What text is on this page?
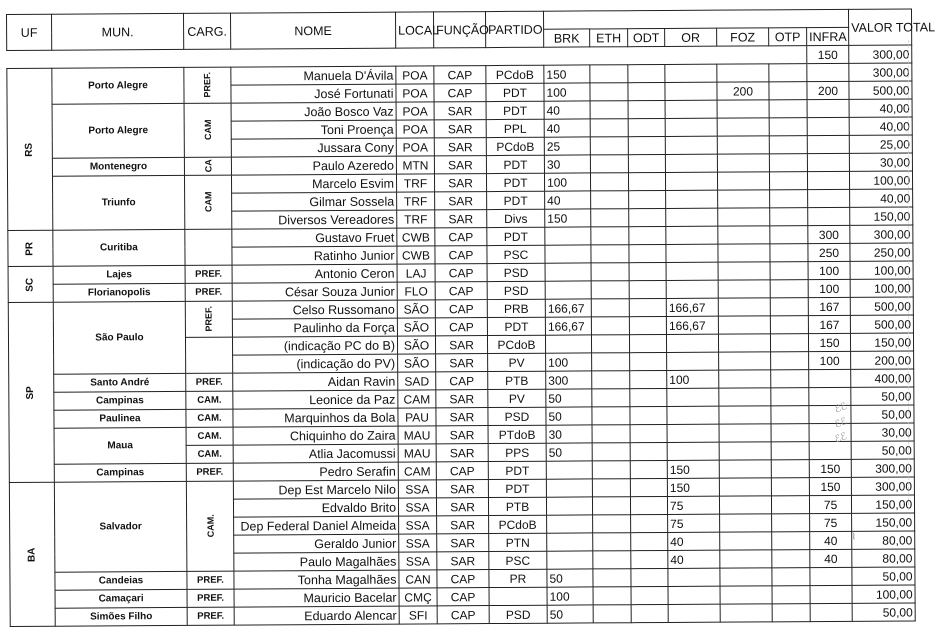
UF	MUN.	CARG.	NOME	LOCAL	FUNÇÃO	PARTIDO								VALOR TOTAL
							BRK	ETH	ODT	OR	FOZ	OTP	INFRA	
													150	300,00
RS	Porto Alegre	PREF.	Manuela D'Ávila	POA	CAP	PCdoB	150							300,00
			José Fortunati	POA	CAP	PDT	100				200		200	500,00
	Porto Alegre	CAM	João Bosco Vaz	POA	SAR	PDT	40							40,00
			Toni Proença	POA	SAR	PPL	40							40,00
			Jussara Cony	POA	SAR	PCdoB	25							25,00
	Montenegro	CA	Paulo Azeredo	MTN	SAR	PDT	30							30,00
	Triunfo	CAM	Marcelo Esvim	TRF	SAR	PDT	100							100,00
			Gilmar Sossela	TRF	SAR	PDT	40							40,00
			Diversos Vereadores	TRF	SAR	Divs	150							150,00
PR	Curitiba		Gustavo Fruet	CWB	CAP	PDT							300	300,00
			Ratinho Junior	CWB	CAP	PSC							250	250,00
SC	Lajes	PREF.	Antonio Ceron	LAJ	CAP	PSD							100	100,00
	Florianopolis	PREF.	César Souza Junior	FLO	CAP	PSD							100	100,00
SP	São Paulo	PREF.	Celso Russomano	SÃO	CAP	PRB	166,67			166,67			167	500,00
			Paulinho da Força	SÃO	CAP	PDT	166,67			166,67			167	500,00
			(indicação PC do B)	SÃO	SAR	PCdoB							150	150,00
			(indicação do PV)	SÃO	SAR	PV	100						100	200,00
	Santo André	PREF.	Aidan Ravin	SAD	CAP	PTB	300			100				400,00
	Campinas	CAM.	Leonice da Paz	CAM	SAR	PV	50							50,00
	Paulinea	CAM.	Marquinhos da Bola	PAU	SAR	PSD	50							50,00
	Maua	CAM.	Chiquinho do Zaira	MAU	SAR	PTdoB	30							30,00
		CAM.	Atlia Jacomussi	MAU	SAR	PPS	50							50,00
	Campinas	PREF.	Pedro Serafin	CAM	CAP	PDT				150			150	300,00
BA	Salvador	CAM.	Dep Est Marcelo Nilo	SSA	SAR	PDT				150			150	300,00
			Edvaldo Brito	SSA	SAR	PTB				75			75	150,00
			Dep Federal Daniel Almeida	SSA	SAR	PCdoB				75			75	150,00
			Geraldo Junior	SSA	SAR	PTN				40			40	80,00
			Paulo Magalhães	SSA	SAR	PSC				40			40	80,00
	Candeias	PREF.	Tonha Magalhães	CAN	CAP	PR	50							50,00
	Camaçari	PREF.	Mauricio Bacelar	CMÇ	CAP		100							100,00
	Simões Filho	PREF.	Eduardo Alencar	SFI	CAP	PSD	50							50,00
ℰℰ
ℰℰ
ℰℰ
~
